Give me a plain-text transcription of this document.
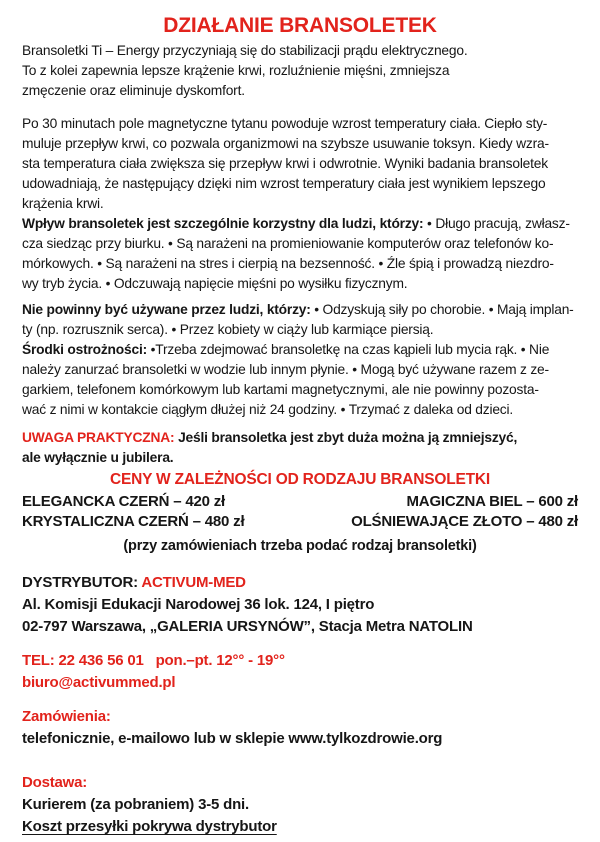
DZIAŁANIE BRANSOLETEK

Bransoletki Ti – Energy przyczyniają się do stabilizacji prądu elektrycznego.
To z kolei zapewnia lepsze krążenie krwi, rozluźnienie mięśni, zmniejsza
zmęczenie oraz eliminuje dyskomfort.

Po 30 minutach pole magnetyczne tytanu powoduje wzrost temperatury ciała. Ciepło sty-
muluje przepływ krwi, co pozwala organizmowi na szybsze usuwanie toksyn. Kiedy wzra-
sta temperatura ciała zwiększa się przepływ krwi i odwrotnie. Wyniki badania bransoletek
udowadniają, że następujący dzięki nim wzrost temperatury ciała jest wynikiem lepszego
krążenia krwi.
Wpływ bransoletek jest szczególnie korzystny dla ludzi, którzy: • Długo pracują, zwłasz-
cza siedząc przy biurku. • Są narażeni na promieniowanie komputerów oraz telefonów ko-
mórkowych. • Są narażeni na stres i cierpią na bezsenność. • Źle śpią i prowadzą niezdro-
wy tryb życia. • Odczuwają napięcie mięśni po wysiłku fizycznym.

Nie powinny być używane przez ludzi, którzy: • Odzyskują siły po chorobie. • Mają implan-
ty (np. rozrusznik serca). • Przez kobiety w ciąży lub karmiące piersią.
Środki ostrożności: •Trzeba zdejmować bransoletkę na czas kąpieli lub mycia rąk. • Nie
należy zanurzać bransoletki w wodzie lub innym płynie. • Mogą być używane razem z ze-
garkiem, telefonem komórkowym lub kartami magnetycznymi, ale nie powinny pozosta-
wać z nimi w kontakcie ciągłym dłużej niż 24 godziny. • Trzymać z daleka od dzieci.

UWAGA PRAKTYCZNA: Jeśli bransoletka jest zbyt duża można ją zmniejszyć,
ale wyłącznie u jubilera.

CENY W ZALEŻNOŚCI OD RODZAJU BRANSOLETKI
ELEGANCKA CZERŃ – 420 zł
KRYSTALICZNA CZERŃ – 480 zł
MAGICZNA BIEL – 600 zł
OLŚNIEWAJĄCE ZŁOTO – 480 zł
(przy zamówieniach trzeba podać rodzaj bransoletki)

DYSTRYBUTOR: ACTIVUM-MED
Al. Komisji Edukacji Narodowej 36 lok. 124, I piętro
02-797 Warszawa, „GALERIA URSYNÓW”, Stacja Metra NATOLIN

TEL: 22 436 56 01   pon.–pt. 12°° - 19°°
biuro@activummed.pl

Zamówienia:
telefonicznie, e-mailowo lub w sklepie www.tylkozdrowie.org

Dostawa:
Kurierem (za pobraniem) 3-5 dni.
Koszt przesyłki pokrywa dystrybutor
